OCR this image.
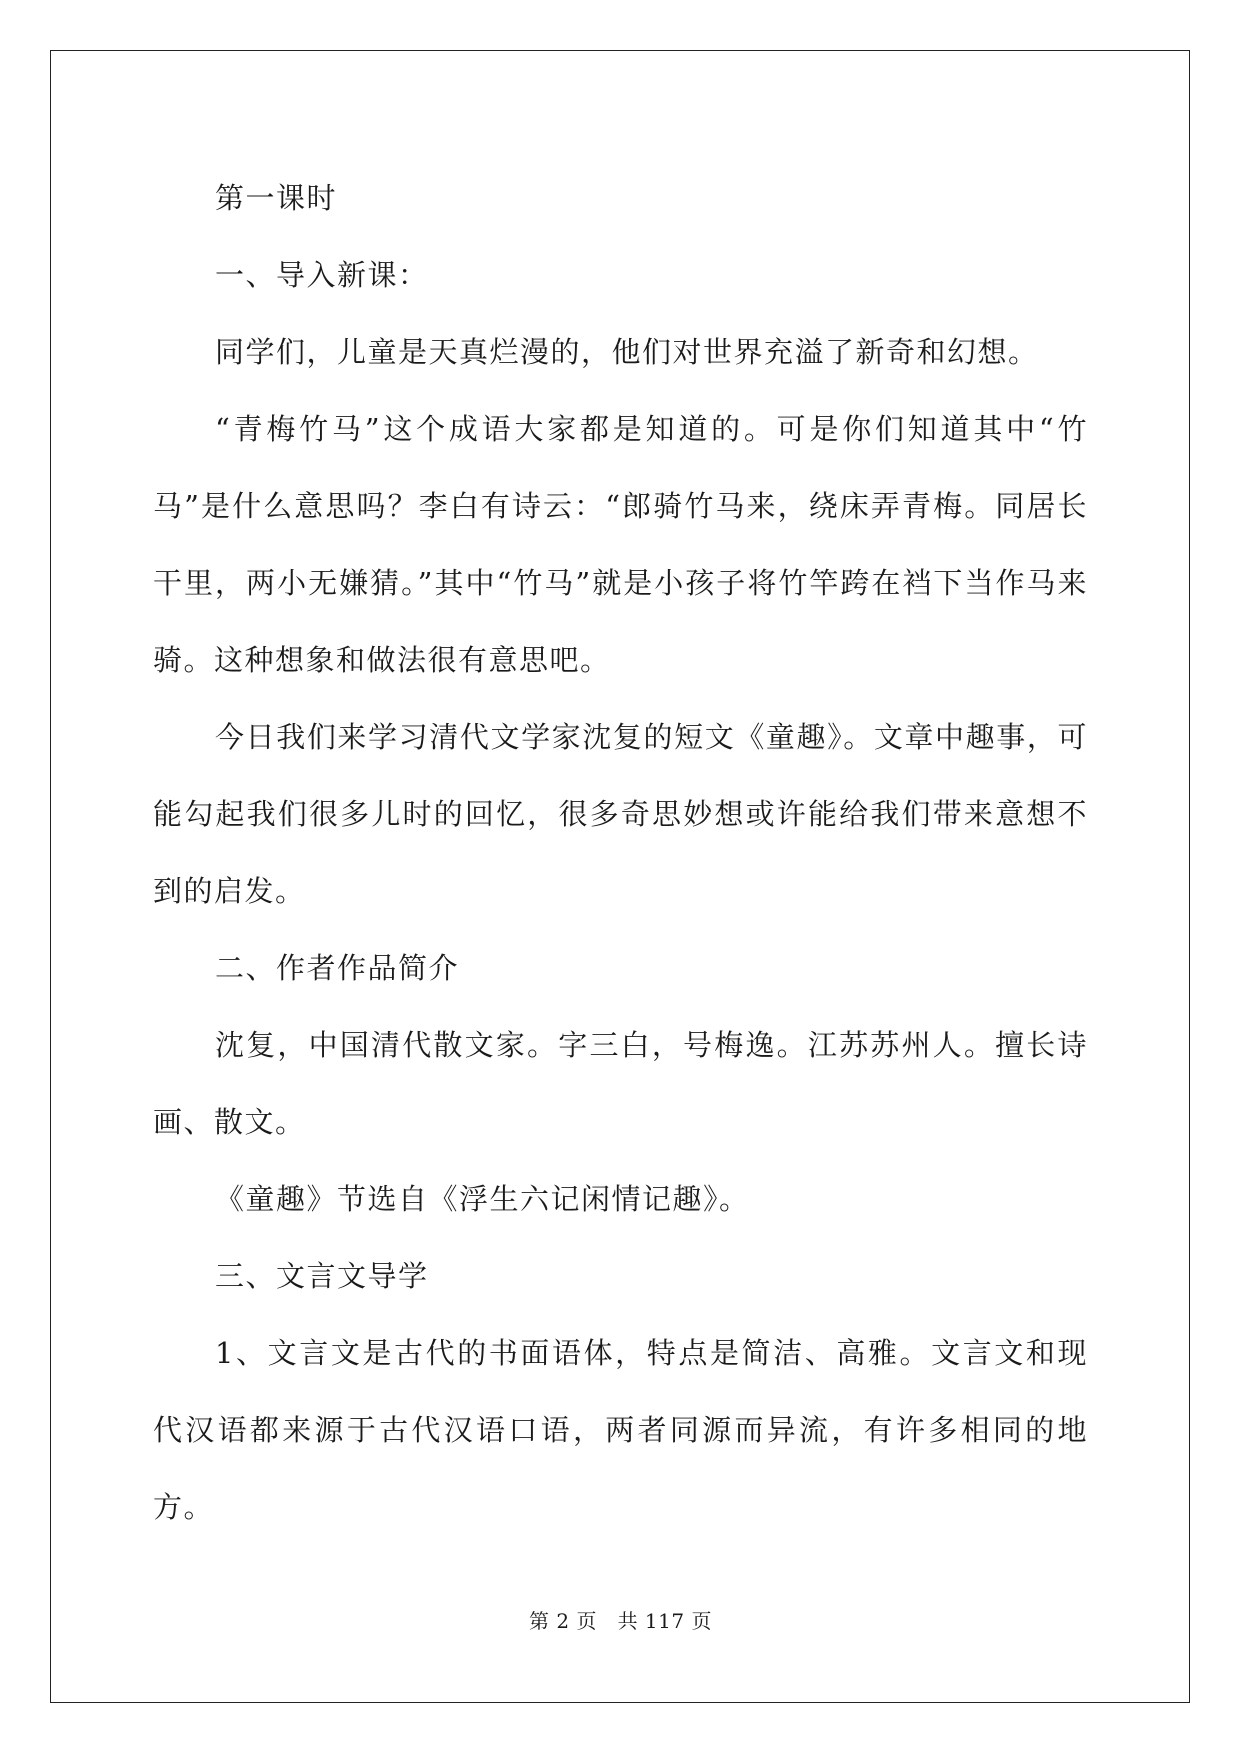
第一课时

一、导入新课：

同学们，儿童是天真烂漫的，他们对世界充溢了新奇和幻想。

“青梅竹马”这个成语大家都是知道的。可是你们知道其中“竹马”是什么意思吗？李白有诗云：“郎骑竹马来，绕床弄青梅。同居长干里，两小无嫌猜。”其中“竹马”就是小孩子将竹竿跨在裆下当作马来骑。这种想象和做法很有意思吧。

今日我们来学习清代文学家沈复的短文《童趣》。文章中趣事，可能勾起我们很多儿时的回忆，很多奇思妙想或许能给我们带来意想不到的启发。

二、作者作品简介

沈复，中国清代散文家。字三白，号梅逸。江苏苏州人。擅长诗画、散文。

《童趣》节选自《浮生六记闲情记趣》。

三、文言文导学

1、文言文是古代的书面语体，特点是简洁、高雅。文言文和现代汉语都来源于古代汉语口语，两者同源而异流，有许多相同的地方。

第 2 页 共 117 页
